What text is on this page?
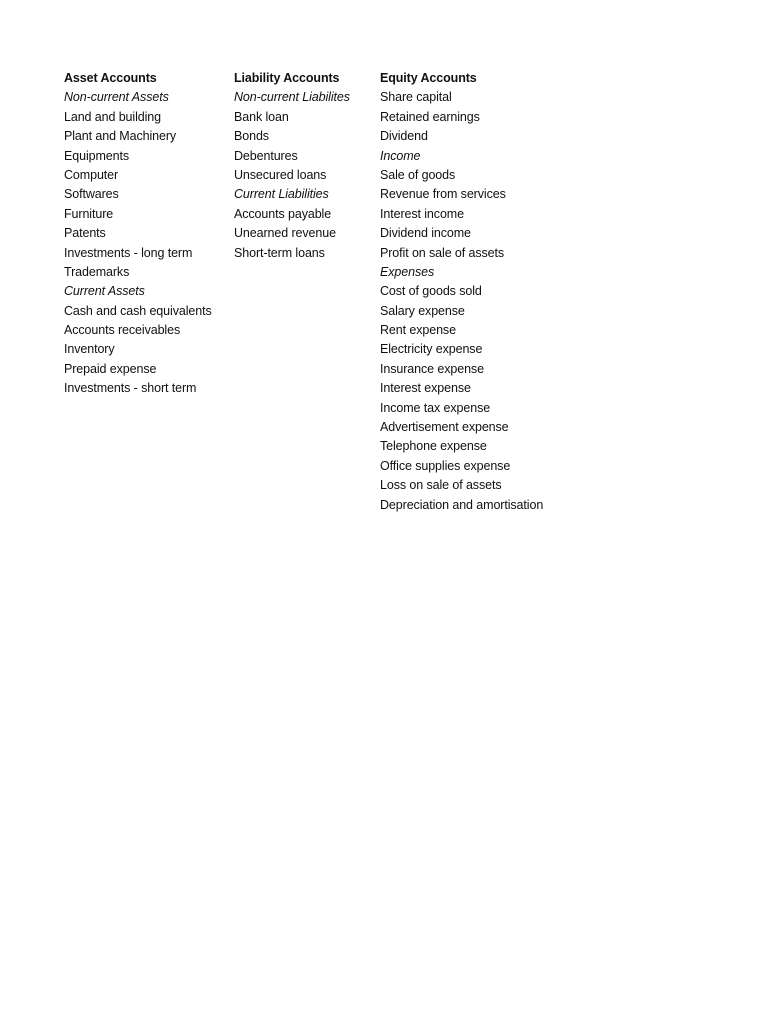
Asset Accounts
Non-current Assets
Land and building
Plant and Machinery
Equipments
Computer
Softwares
Furniture
Patents
Investments - long term
Trademarks
Current Assets
Cash and cash equivalents
Accounts receivables
Inventory
Prepaid expense
Investments - short term
Liability Accounts
Non-current Liabilites
Bank loan
Bonds
Debentures
Unsecured loans
Current Liabilities
Accounts payable
Unearned revenue
Short-term loans
Equity Accounts
Share capital
Retained earnings
Dividend
Income
Sale of goods
Revenue from services
Interest income
Dividend income
Profit on sale of assets
Expenses
Cost of goods sold
Salary expense
Rent expense
Electricity expense
Insurance expense
Interest expense
Income tax expense
Advertisement expense
Telephone expense
Office supplies expense
Loss on sale of assets
Depreciation and amortisation
